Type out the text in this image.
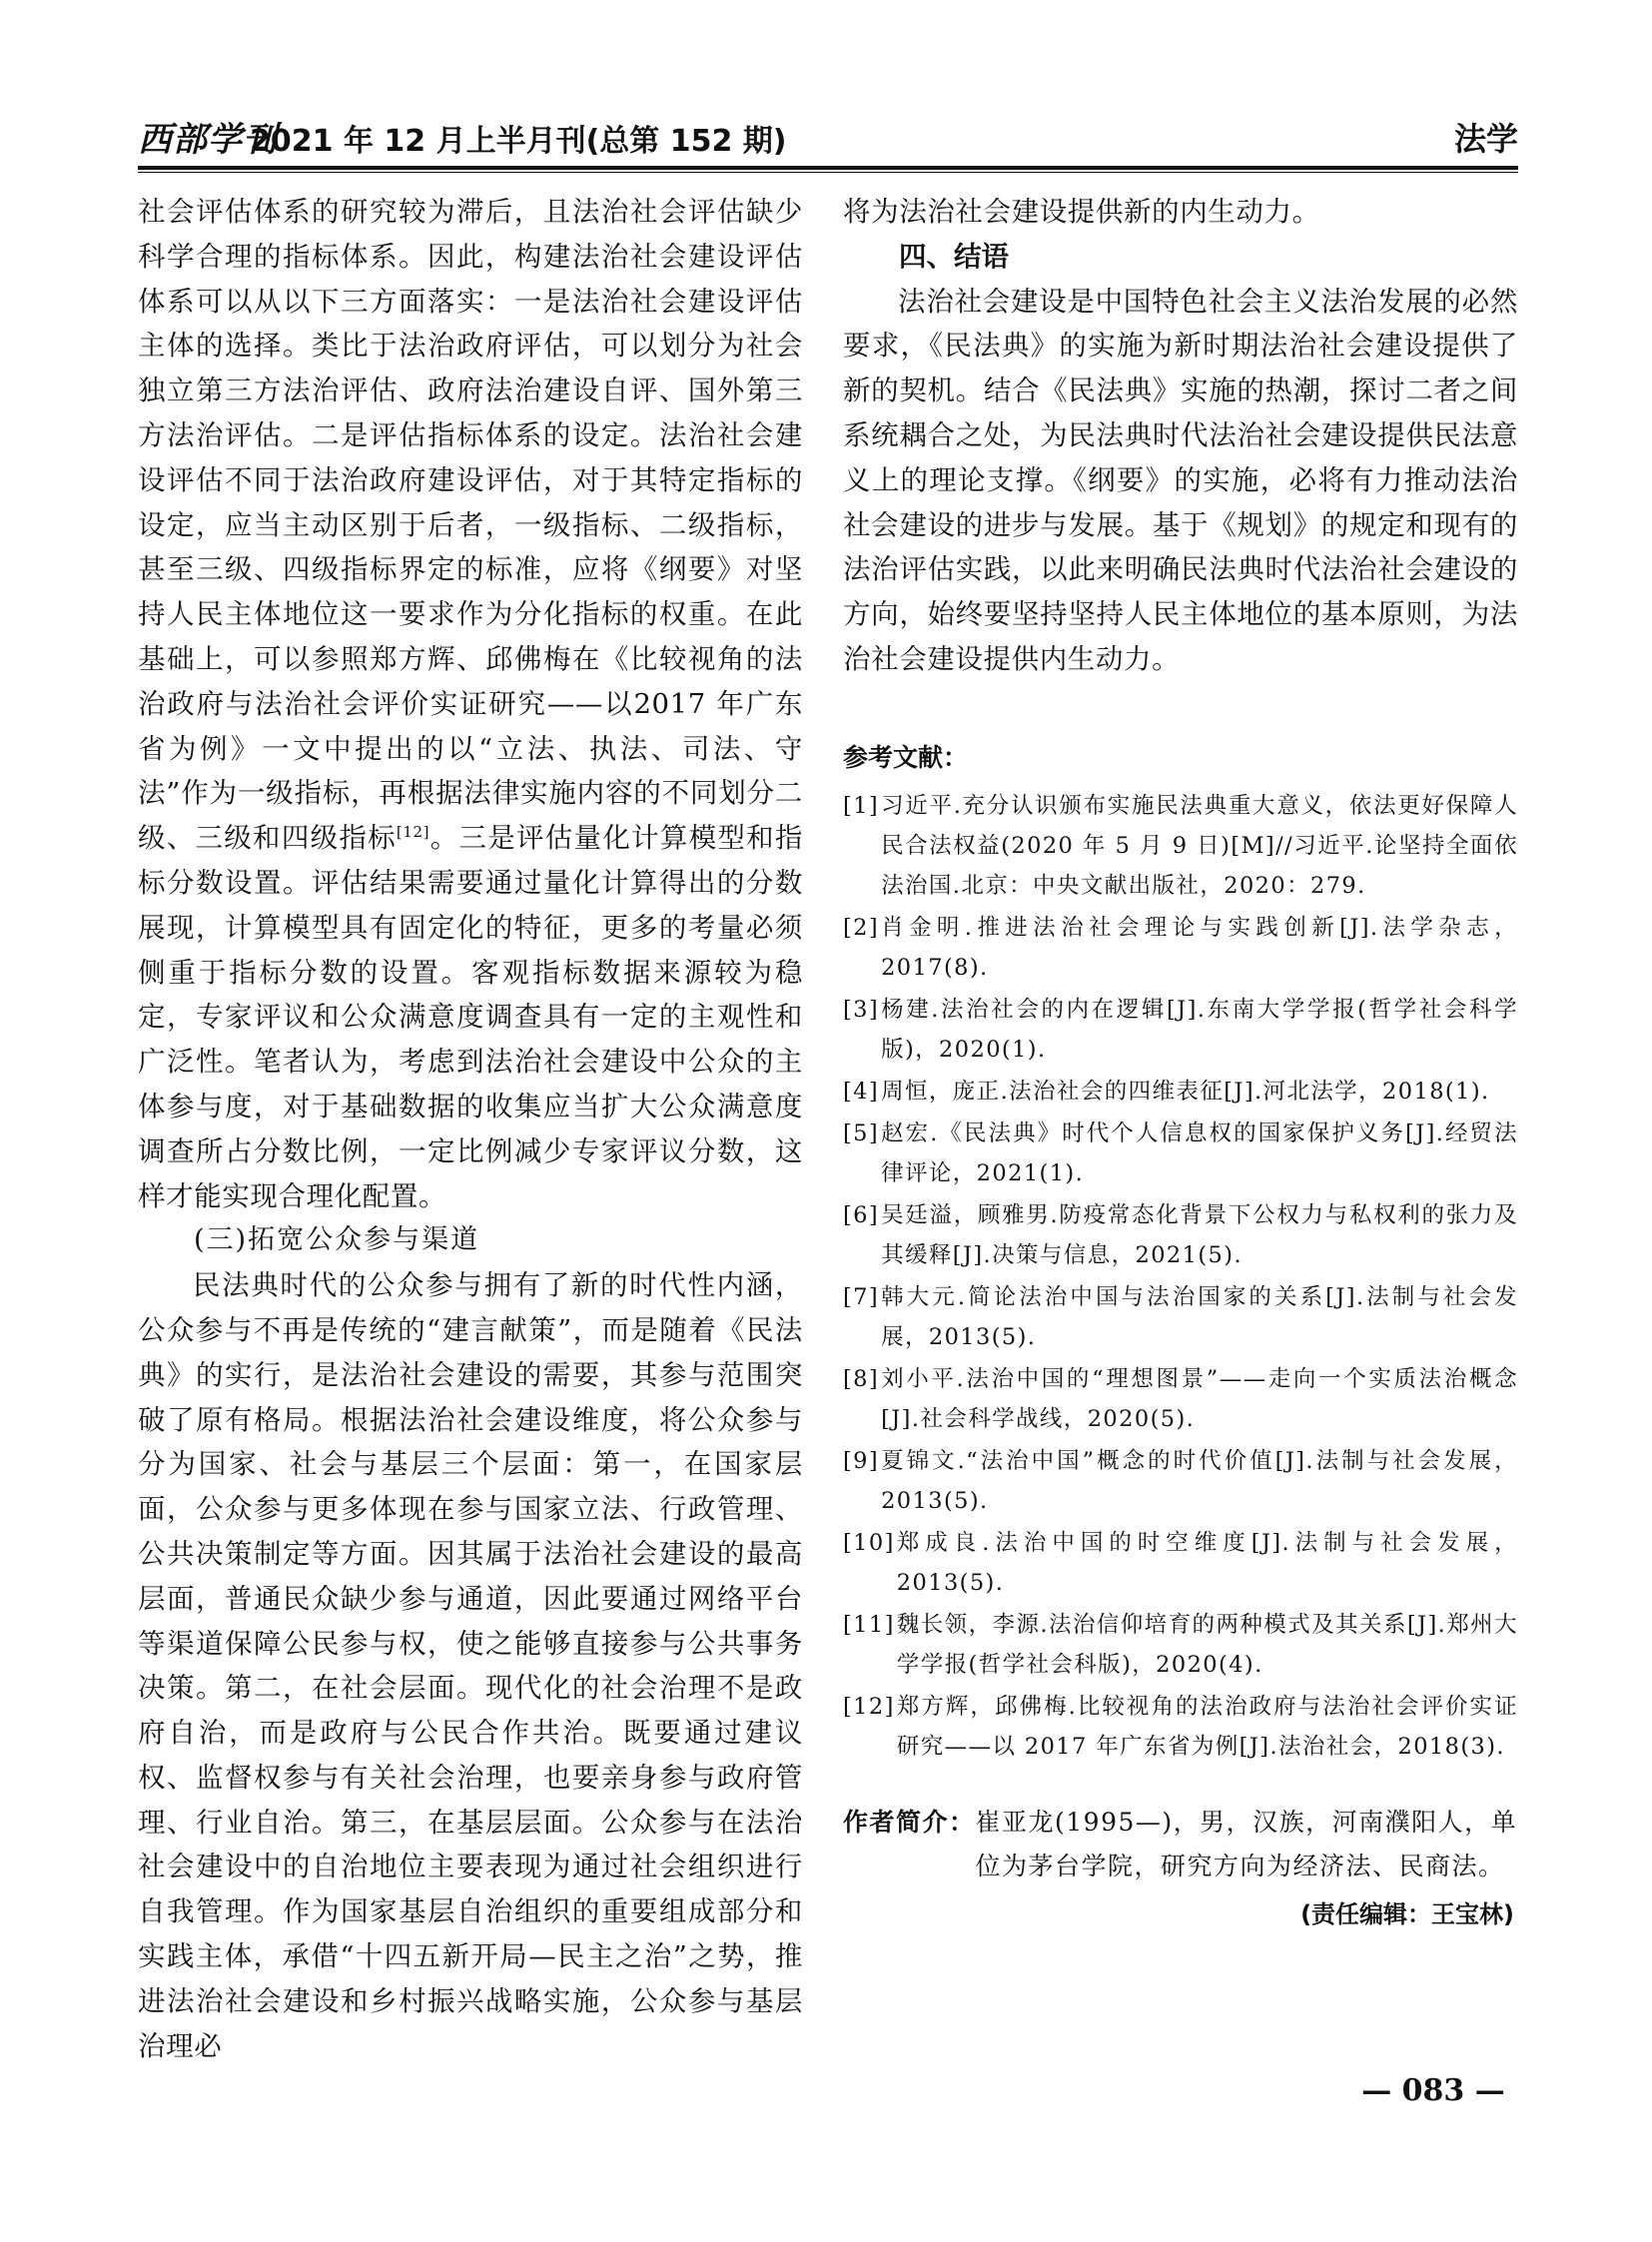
西部学刊
2021 年 12 月上半月刊(总第 152 期)	法学

社会评估体系的研究较为滞后，且法治社会评估缺少科学合理的指标体系。因此，构建法治社会建设评估体系可以从以下三方面落实：一是法治社会建设评估主体的选择。类比于法治政府评估，可以划分为社会独立第三方法治评估、政府法治建设自评、国外第三方法治评估。二是评估指标体系的设定。法治社会建设评估不同于法治政府建设评估，对于其特定指标的设定，应当主动区别于后者，一级指标、二级指标，甚至三级、四级指标界定的标准，应将《纲要》对坚持人民主体地位这一要求作为分化指标的权重。在此基础上，可以参照郑方辉、邱佛梅在《比较视角的法治政府与法治社会评价实证研究——以2017 年广东省为例》一文中提出的以“立法、执法、司法、守法”作为一级指标，再根据法律实施内容的不同划分二级、三级和四级指标[12]。三是评估量化计算模型和指标分数设置。评估结果需要通过量化计算得出的分数展现，计算模型具有固定化的特征，更多的考量必须侧重于指标分数的设置。客观指标数据来源较为稳定，专家评议和公众满意度调查具有一定的主观性和广泛性。笔者认为，考虑到法治社会建设中公众的主体参与度，对于基础数据的收集应当扩大公众满意度调查所占分数比例，一定比例减少专家评议分数，这样才能实现合理化配置。

(三)拓宽公众参与渠道

民法典时代的公众参与拥有了新的时代性内涵，公众参与不再是传统的“建言献策”，而是随着《民法典》的实行，是法治社会建设的需要，其参与范围突破了原有格局。根据法治社会建设维度，将公众参与分为国家、社会与基层三个层面：第一，在国家层面，公众参与更多体现在参与国家立法、行政管理、公共决策制定等方面。因其属于法治社会建设的最高层面，普通民众缺少参与通道，因此要通过网络平台等渠道保障公民参与权，使之能够直接参与公共事务决策。第二，在社会层面。现代化的社会治理不是政府自治，而是政府与公民合作共治。既要通过建议权、监督权参与有关社会治理，也要亲身参与政府管理、行业自治。第三，在基层层面。公众参与在法治社会建设中的自治地位主要表现为通过社会组织进行自我管理。作为国家基层自治组织的重要组成部分和实践主体，承借“十四五新开局—民主之治”之势，推进法治社会建设和乡村振兴战略实施，公众参与基层治理必

将为法治社会建设提供新的内生动力。

四、结语

法治社会建设是中国特色社会主义法治发展的必然要求，《民法典》的实施为新时期法治社会建设提供了新的契机。结合《民法典》实施的热潮，探讨二者之间系统耦合之处，为民法典时代法治社会建设提供民法意义上的理论支撑。《纲要》的实施，必将有力推动法治社会建设的进步与发展。基于《规划》的规定和现有的法治评估实践，以此来明确民法典时代法治社会建设的方向，始终要坚持坚持人民主体地位的基本原则，为法治社会建设提供内生动力。

参考文献：
[1] 习近平.充分认识颁布实施民法典重大意义，依法更好保障人民合法权益(2020 年 5 月 9 日)[M]//习近平.论坚持全面依法治国.北京：中央文献出版社，2020：279.
[2] 肖金明.推进法治社会理论与实践创新[J].法学杂志，2017(8).
[3] 杨建.法治社会的内在逻辑[J].东南大学学报(哲学社会科学版)，2020(1).
[4] 周恒，庞正.法治社会的四维表征[J].河北法学，2018(1).
[5] 赵宏.《民法典》时代个人信息权的国家保护义务[J].经贸法律评论，2021(1).
[6] 吴廷溢，顾雅男.防疫常态化背景下公权力与私权利的张力及其缓释[J].决策与信息，2021(5).
[7] 韩大元.简论法治中国与法治国家的关系[J].法制与社会发展，2013(5).
[8] 刘小平.法治中国的“理想图景”——走向一个实质法治概念[J].社会科学战线，2020(5).
[9] 夏锦文.“法治中国”概念的时代价值[J].法制与社会发展，2013(5).
[10] 郑成良.法治中国的时空维度[J].法制与社会发展，2013(5).
[11] 魏长领，李源.法治信仰培育的两种模式及其关系[J].郑州大学学报(哲学社会科版)，2020(4).
[12] 郑方辉，邱佛梅.比较视角的法治政府与法治社会评价实证研究——以 2017 年广东省为例[J].法治社会，2018(3).
作者简介： 崔亚龙(1995—)，男，汉族，河南濮阳人，单位为茅台学院，研究方向为经济法、民商法。
(责任编辑：王宝林)
— 083 —
